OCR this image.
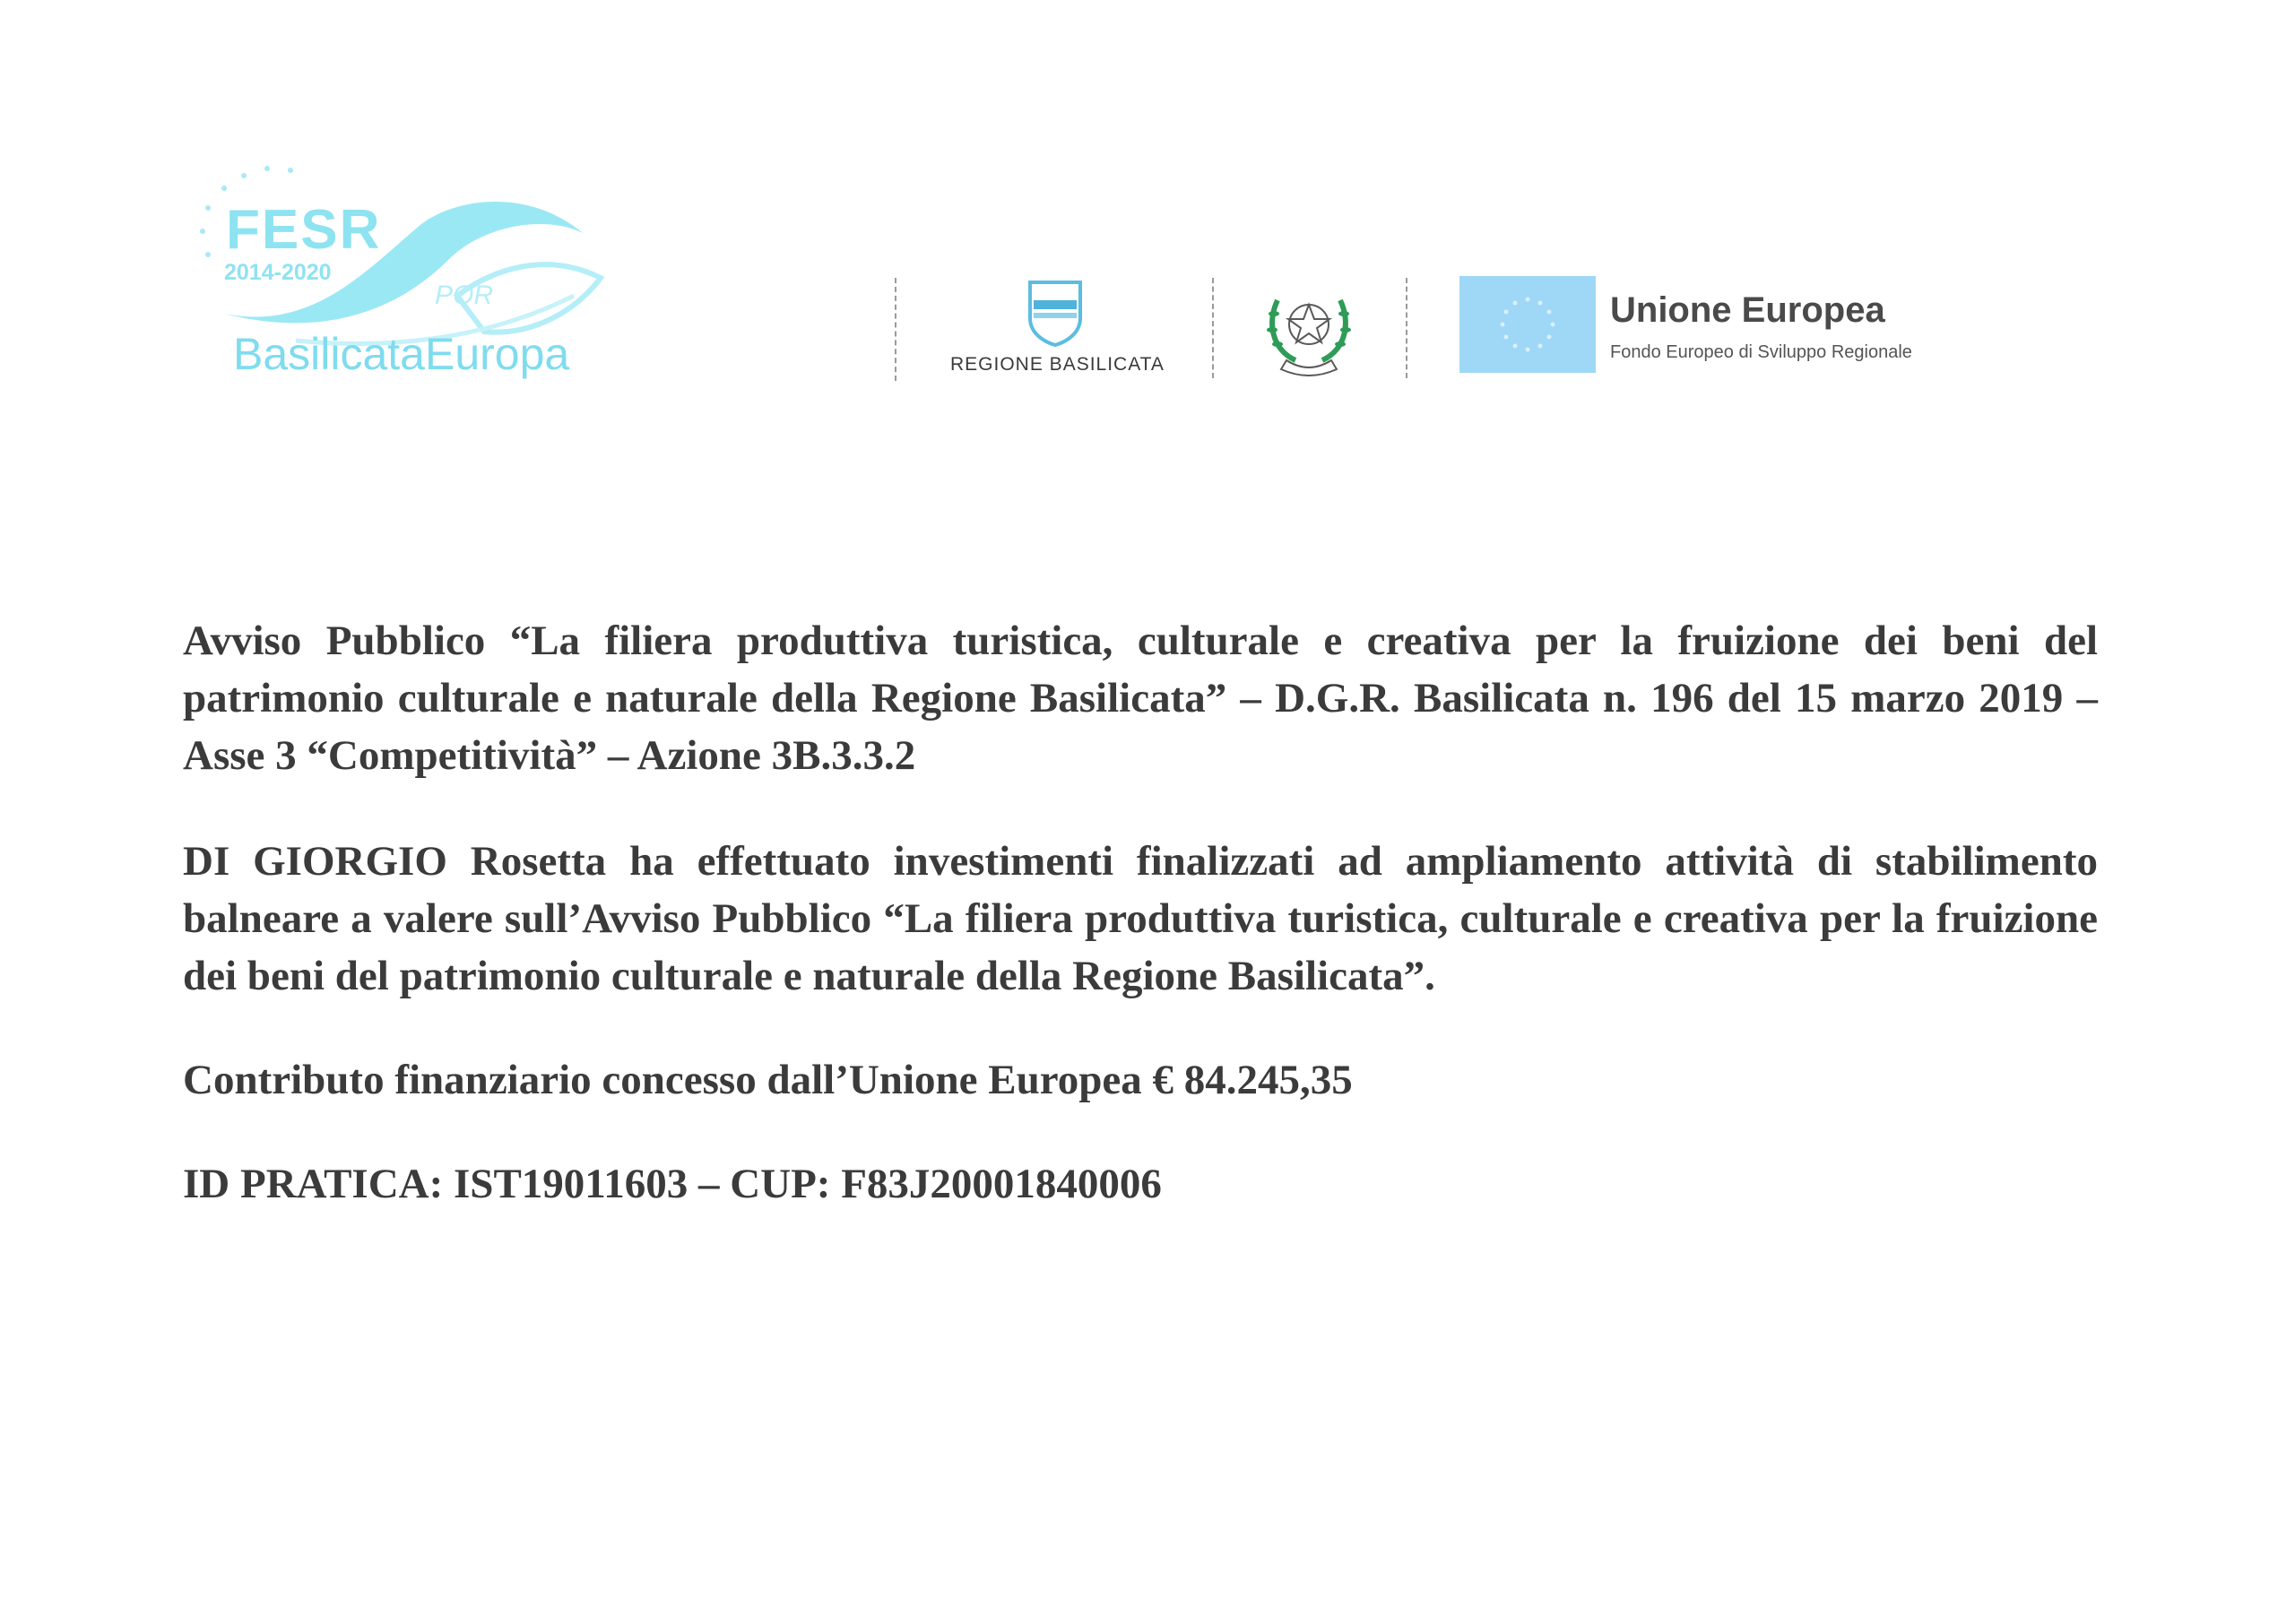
FESR
2014-2020
POR
BasilicataEuropa	REGIONE BASILICATA
Unione Europea
Fondo Europeo di Sviluppo Regionale

Avviso Pubblico “La filiera produttiva turistica, culturale e creativa per la fruizione dei beni del patrimonio culturale e naturale della Regione Basilicata” – D.G.R. Basilicata n. 196 del 15 marzo 2019 – Asse 3 “Competitività” – Azione 3B.3.3.2

DI GIORGIO Rosetta ha effettuato investimenti finalizzati ad ampliamento attività di stabilimento balneare a valere sull’Avviso Pubblico “La filiera produttiva turistica, culturale e creativa per la fruizione dei beni del patrimonio culturale e naturale della Regione Basilicata”.

Contributo finanziario concesso dall’Unione Europea € 84.245,35

ID PRATICA: IST19011603 – CUP: F83J20001840006
